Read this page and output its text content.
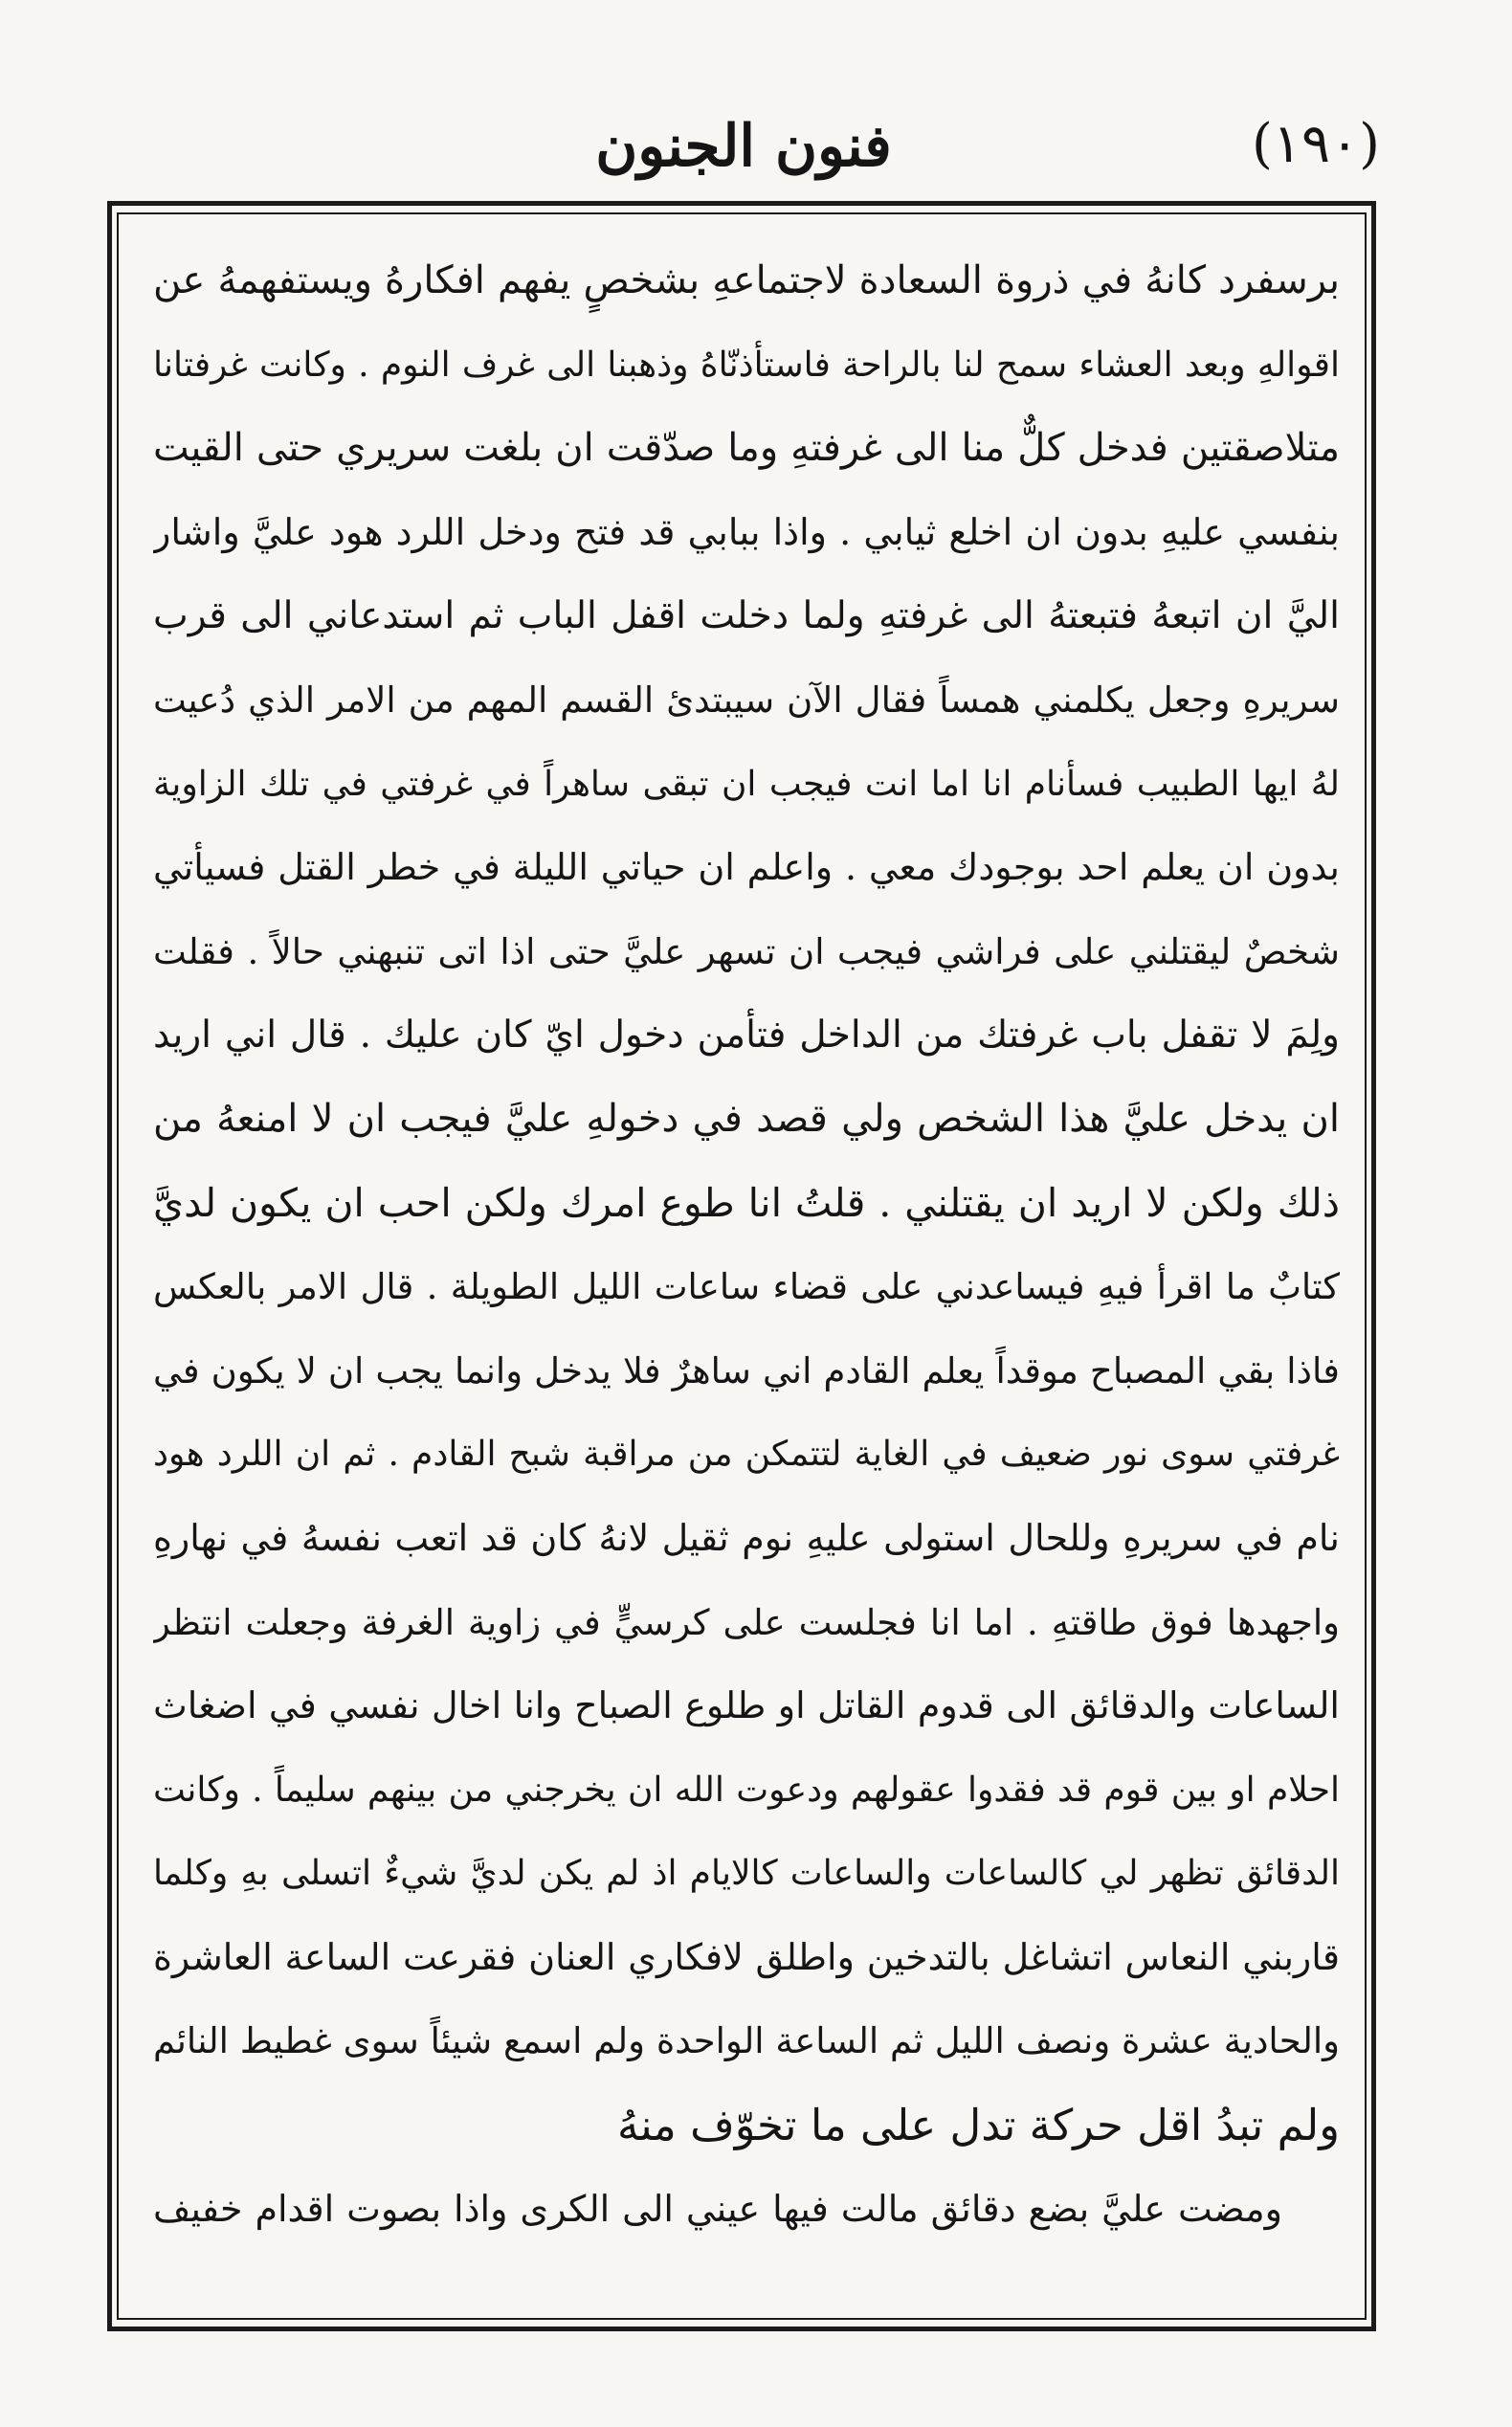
(١٩٠)
فنون الجنون
برسفرد كانهُ في ذروة السعادة لاجتماعهِ بشخصٍ يفهم افكارهُ ويستفهمهُ عن
اقوالهِ وبعد العشاء سمح لنا بالراحة فاستأذنّاهُ وذهبنا الى غرف النوم . وكانت غرفتانا
متلاصقتين فدخل كلٌّ منا الى غرفتهِ وما صدّقت ان بلغت سريري حتى القيت
بنفسي عليهِ بدون ان اخلع ثيابي . واذا ببابي قد فتح ودخل اللرد هود عليَّ واشار
اليَّ ان اتبعهُ فتبعتهُ الى غرفتهِ ولما دخلت اقفل الباب ثم استدعاني الى قرب
سريرهِ وجعل يكلمني همساً فقال الآن سيبتدئ القسم المهم من الامر الذي دُعيت
لهُ ايها الطبيب فسأنام انا اما انت فيجب ان تبقى ساهراً في غرفتي في تلك الزاوية
بدون ان يعلم احد بوجودك معي . واعلم ان حياتي الليلة في خطر القتل فسيأتي
شخصٌ ليقتلني على فراشي فيجب ان تسهر عليَّ حتى اذا اتى تنبهني حالاً . فقلت
ولِمَ لا تقفل باب غرفتك من الداخل فتأمن دخول ايّ كان عليك . قال اني اريد
ان يدخل عليَّ هذا الشخص ولي قصد في دخولهِ عليَّ فيجب ان لا امنعهُ من
ذلك ولكن لا اريد ان يقتلني . قلتُ انا طوع امرك ولكن احب ان يكون لديَّ
كتابٌ ما اقرأ فيهِ فيساعدني على قضاء ساعات الليل الطويلة . قال الامر بالعكس
فاذا بقي المصباح موقداً يعلم القادم اني ساهرٌ فلا يدخل وانما يجب ان لا يكون في
غرفتي سوى نور ضعيف في الغاية لتتمكن من مراقبة شبح القادم . ثم ان اللرد هود
نام في سريرهِ وللحال استولى عليهِ نوم ثقيل لانهُ كان قد اتعب نفسهُ في نهارهِ
واجهدها فوق طاقتهِ . اما انا فجلست على كرسيٍّ في زاوية الغرفة وجعلت انتظر
الساعات والدقائق الى قدوم القاتل او طلوع الصباح وانا اخال نفسي في اضغاث
احلام او بين قوم قد فقدوا عقولهم ودعوت الله ان يخرجني من بينهم سليماً . وكانت
الدقائق تظهر لي كالساعات والساعات كالايام اذ لم يكن لديَّ شيءٌ اتسلى بهِ وكلما
قاربني النعاس اتشاغل بالتدخين واطلق لافكاري العنان فقرعت الساعة العاشرة
والحادية عشرة ونصف الليل ثم الساعة الواحدة ولم اسمع شيئاً سوى غطيط النائم
ولم تبدُ اقل حركة تدل على ما تخوّف منهُ
ومضت عليَّ بضع دقائق مالت فيها عيني الى الكرى واذا بصوت اقدام خفيف
